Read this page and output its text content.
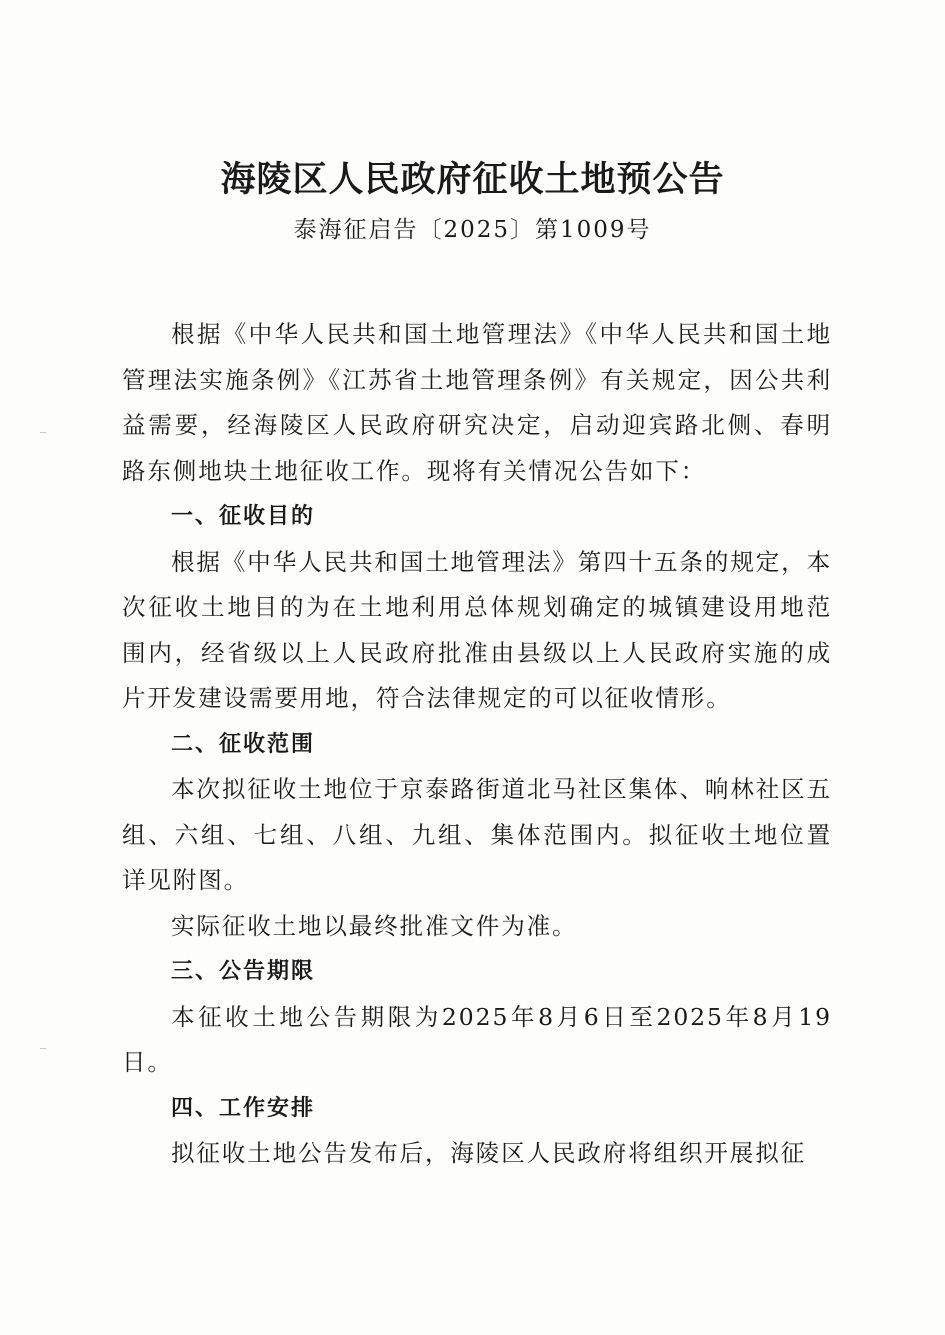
海陵区人民政府征收土地预公告
泰海征启告〔2025〕第1009号

根据《中华人民共和国土地管理法》《中华人民共和国土地管理法实施条例》《江苏省土地管理条例》有关规定，因公共利益需要，经海陵区人民政府研究决定，启动迎宾路北侧、春明路东侧地块土地征收工作。现将有关情况公告如下：

一、征收目的

根据《中华人民共和国土地管理法》第四十五条的规定，本次征收土地目的为在土地利用总体规划确定的城镇建设用地范围内，经省级以上人民政府批准由县级以上人民政府实施的成片开发建设需要用地，符合法律规定的可以征收情形。

二、征收范围

本次拟征收土地位于京泰路街道北马社区集体、响林社区五组、六组、七组、八组、九组、集体范围内。拟征收土地位置详见附图。

实际征收土地以最终批准文件为准。

三、公告期限

本征收土地公告期限为2025年8月6日至2025年8月19日。

四、工作安排

拟征收土地公告发布后，海陵区人民政府将组织开展拟征
